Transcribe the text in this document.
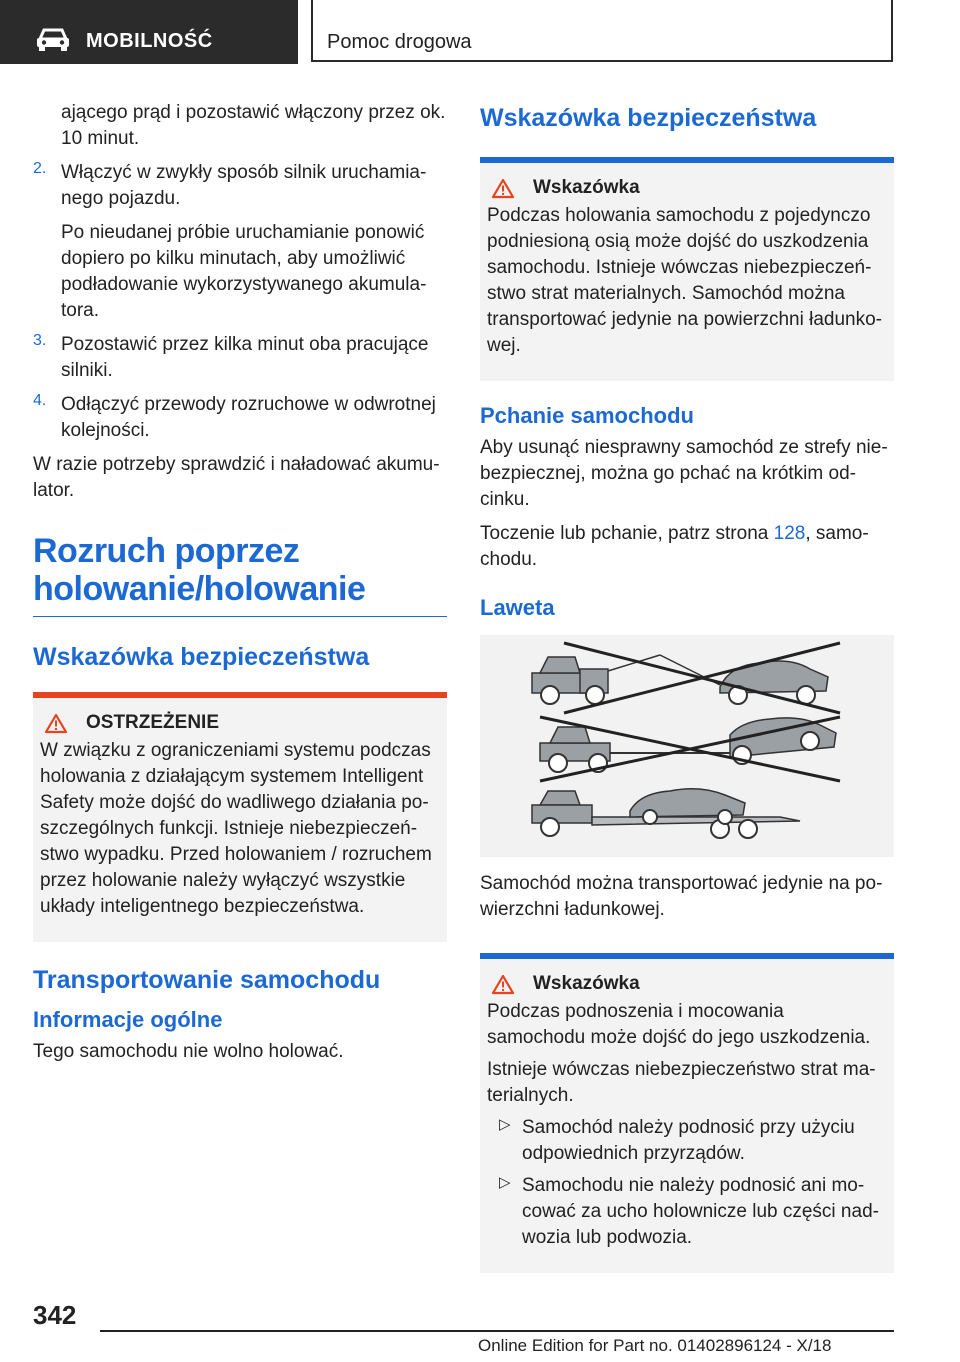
MOBILNOŚĆ	Pomoc drogowa

ającego prąd i pozostawić włączony przez ok. 10 minut.

2. Włączyć w zwykły sposób silnik uruchamia‐nego pojazdu.

Po nieudanej próbie uruchamianie ponowić dopiero po kilku minutach, aby umożliwić podładowanie wykorzystywanego akumula‐tora.

3. Pozostawić przez kilka minut oba pracujące silniki.

4. Odłączyć przewody rozruchowe w odwrotnej kolejności.

W razie potrzeby sprawdzić i naładować akumu‐lator.

Rozruch poprzez holowanie/holowanie
Wskazówka bezpieczeństwa
OSTRZEŻENIE

W związku z ograniczeniami systemu podczas holowania z działającym systemem Intelligent Safety może dojść do wadliwego działania po‐szczególnych funkcji. Istnieje niebezpieczeń‐stwo wypadku. Przed holowaniem / rozruchem przez holowanie należy wyłączyć wszystkie układy inteligentnego bezpieczeństwa.

Transportowanie samochodu
Informacje ogólne

Tego samochodu nie wolno holować.

Wskazówka bezpieczeństwa
Wskazówka

Podczas holowania samochodu z pojedynczo podniesioną osią może dojść do uszkodzenia samochodu. Istnieje wówczas niebezpieczeń‐stwo strat materialnych. Samochód można transportować jedynie na powierzchni ładunko‐wej.

Pchanie samochodu

Aby usunąć niesprawny samochód ze strefy nie‐bezpiecznej, można go pchać na krótkim od‐cinku.

Toczenie lub pchanie, patrz strona 128, samo‐chodu.

Laweta

Samochód można transportować jedynie na po‐wierzchni ładunkowej.

Wskazówka

Podczas podnoszenia i mocowania samochodu może dojść do jego uszkodzenia.

Istnieje wówczas niebezpieczeństwo strat ma‐terialnych.

▷ Samochód należy podnosić przy użyciu odpowiednich przyrządów.

▷ Samochodu nie należy podnosić ani mo‐cować za ucho holownicze lub części nad‐wozia lub podwozia.

342
Online Edition for Part no. 01402896124 - X/18
